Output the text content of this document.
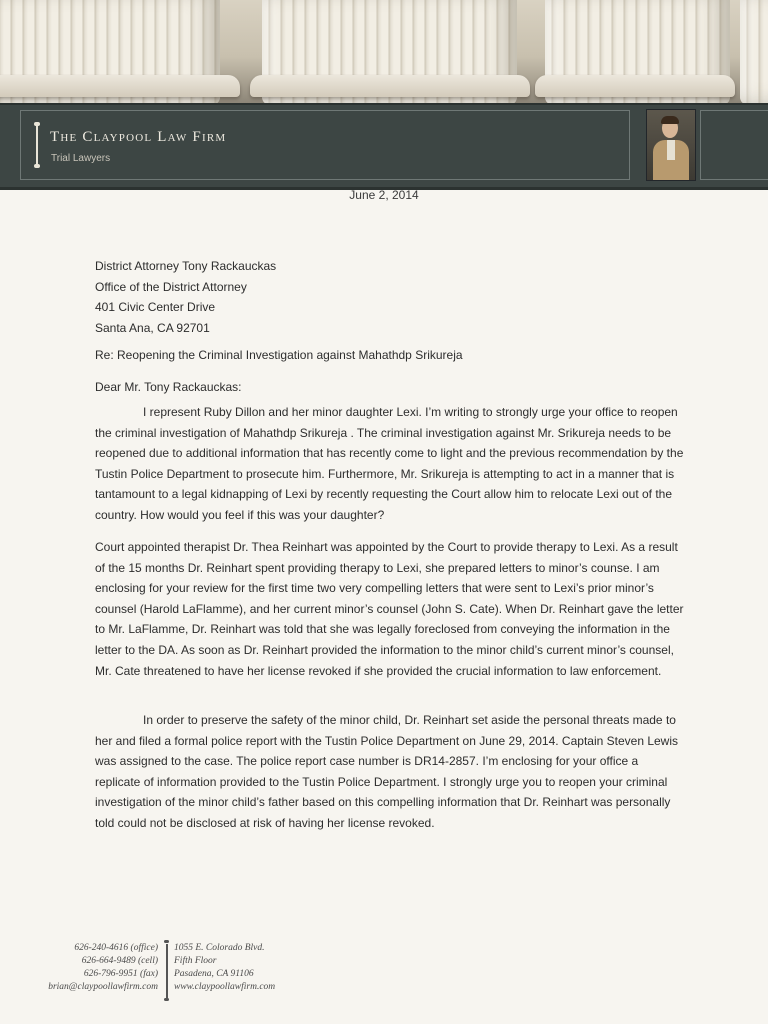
The Claypool Law Firm
Trial Lawyers
June 2, 2014
District Attorney Tony Rackauckas
Office of the District Attorney
401 Civic Center Drive
Santa Ana, CA 92701
Re: Reopening the Criminal Investigation against Mahathdp Srikureja
Dear Mr. Tony Rackauckas:

I represent Ruby Dillon and her minor daughter Lexi. I’m writing to strongly urge your office to reopen the criminal investigation of Mahathdp Srikureja . The criminal investigation against Mr. Srikureja needs to be reopened due to additional information that has recently come to light and the previous recommendation by the Tustin Police Department to prosecute him. Furthermore, Mr. Srikureja is attempting to act in a manner that is tantamount to a legal kidnapping of Lexi by recently requesting the Court allow him to relocate Lexi out of the country. How would you feel if this was your daughter?

Court appointed therapist Dr. Thea Reinhart was appointed by the Court to provide therapy to Lexi. As a result of the 15 months Dr. Reinhart spent providing therapy to Lexi, she prepared letters to minor’s counse. I am enclosing for your review for the first time two very compelling letters that were sent to Lexi’s prior minor’s counsel (Harold LaFlamme), and her current minor’s counsel (John S. Cate). When Dr. Reinhart gave the letter to Mr. LaFlamme, Dr. Reinhart was told that she was legally foreclosed from conveying the information in the letter to the DA. As soon as Dr. Reinhart provided the information to the minor child’s current minor’s counsel, Mr. Cate threatened to have her license revoked if she provided the crucial information to law enforcement.

In order to preserve the safety of the minor child, Dr. Reinhart set aside the personal threats made to her and filed a formal police report with the Tustin Police Department on June 29, 2014. Captain Steven Lewis was assigned to the case. The police report case number is DR14-2857. I’m enclosing for your office a replicate of information provided to the Tustin Police Department. I strongly urge you to reopen your criminal investigation of the minor child’s father based on this compelling information that Dr. Reinhart was personally told could not be disclosed at risk of having her license revoked.

626-240-4616 (office)
626-664-9489 (cell)
626-796-9951 (fax)
brian@claypoollawfirm.com
1055 E. Colorado Blvd.
Fifth Floor
Pasadena, CA 91106
www.claypoollawfirm.com
